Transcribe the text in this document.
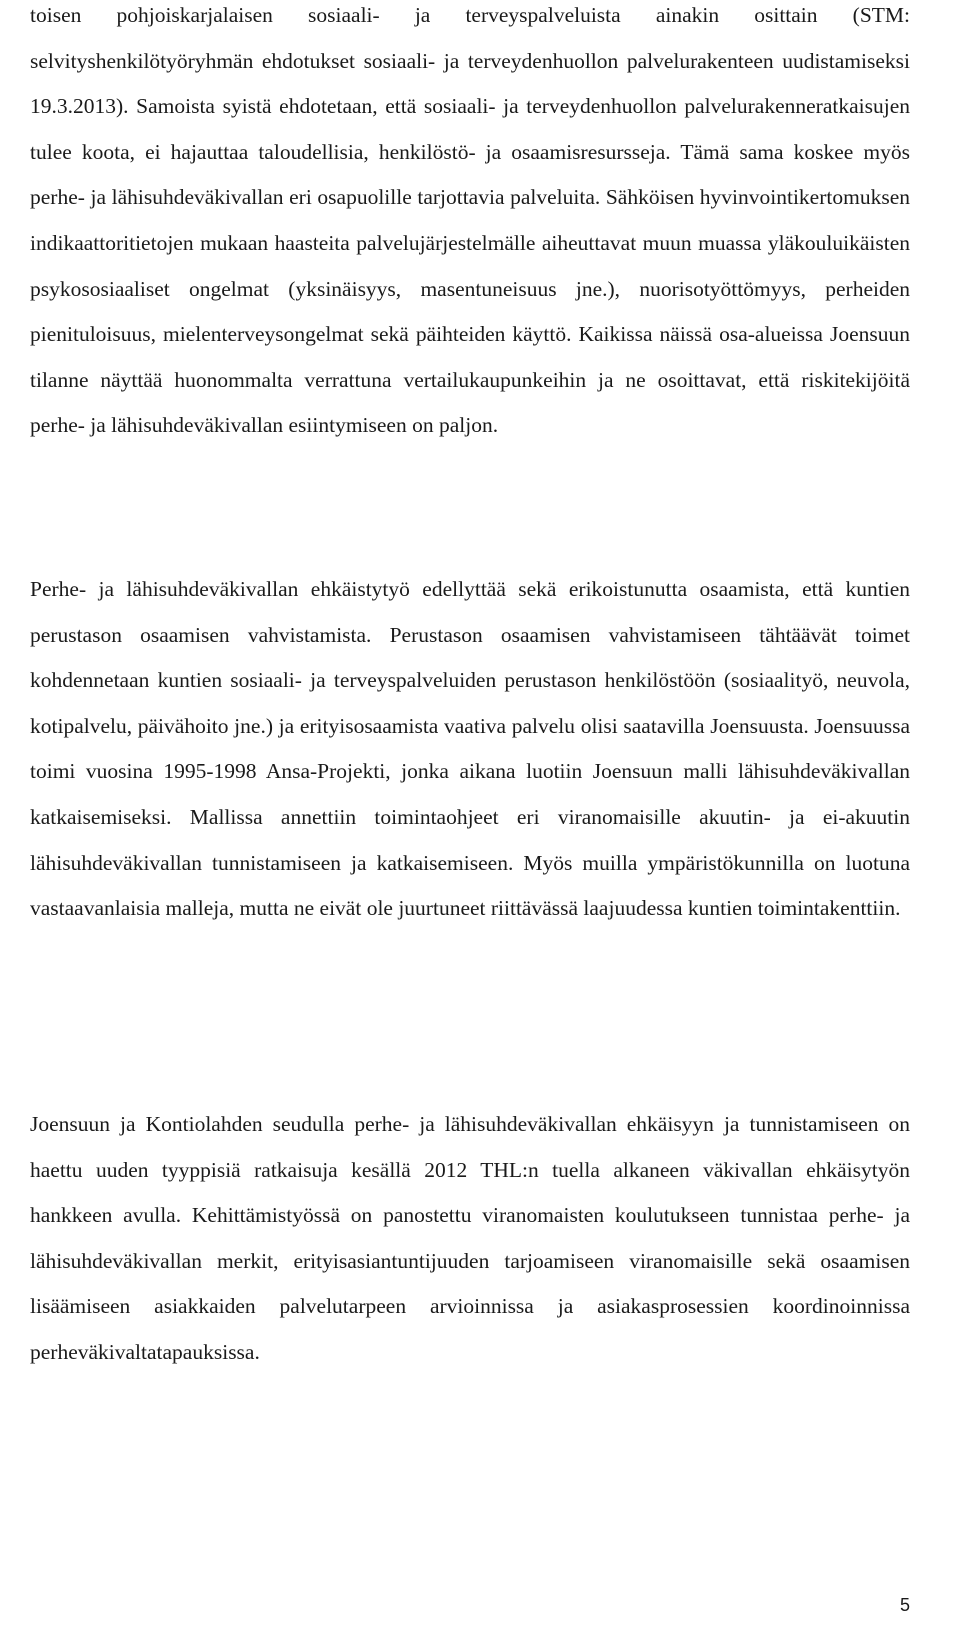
toisen pohjoiskarjalaisen sosiaali- ja terveyspalveluista ainakin osittain (STM: selvityshenkilötyöryhmän ehdotukset sosiaali- ja terveydenhuollon palvelurakenteen uudistamiseksi 19.3.2013). Samoista syistä ehdotetaan, että sosiaali- ja terveydenhuollon palvelurakenneratkaisujen tulee koota, ei hajauttaa taloudellisia, henkilöstö- ja osaamisresursseja. Tämä sama koskee myös perhe- ja lähisuhdeväkivallan eri osapuolille tarjottavia palveluita. Sähköisen hyvinvointikertomuksen indikaattoritietojen mukaan haasteita palvelujärjestelmälle aiheuttavat muun muassa yläkouluikäisten psykososiaaliset ongelmat (yksinäisyys, masentuneisuus jne.), nuorisotyöttömyys, perheiden pienituloisuus, mielenterveysongelmat sekä päihteiden käyttö. Kaikissa näissä osa-alueissa Joensuun tilanne näyttää huonommalta verrattuna vertailukaupunkeihin ja ne osoittavat, että riskitekijöitä perhe- ja lähisuhdeväkivallan esiintymiseen on paljon.

Perhe- ja lähisuhdeväkivallan ehkäistytyö edellyttää sekä erikoistunutta osaamista, että kuntien perustason osaamisen vahvistamista. Perustason osaamisen vahvistamiseen tähtäävät toimet kohdennetaan kuntien sosiaali- ja terveyspalveluiden perustason henkilöstöön (sosiaalityö, neuvola, kotipalvelu, päivähoito jne.) ja erityisosaamista vaativa palvelu olisi saatavilla Joensuusta. Joensuussa toimi vuosina 1995-1998 Ansa-Projekti, jonka aikana luotiin Joensuun malli lähisuhdeväkivallan katkaisemiseksi. Mallissa annettiin toimintaohjeet eri viranomaisille akuutin- ja ei-akuutin lähisuhdeväkivallan tunnistamiseen ja katkaisemiseen. Myös muilla ympäristökunnilla on luotuna vastaavanlaisia malleja, mutta ne eivät ole juurtuneet riittävässä laajuudessa kuntien toimintakenttiin.

Joensuun ja Kontiolahden seudulla perhe- ja lähisuhdeväkivallan ehkäisyyn ja tunnistamiseen on haettu uuden tyyppisiä ratkaisuja kesällä 2012 THL:n tuella alkaneen väkivallan ehkäisytyön hankkeen avulla. Kehittämistyössä on panostettu viranomaisten koulutukseen tunnistaa perhe- ja lähisuhdeväkivallan merkit, erityisasiantuntijuuden tarjoamiseen viranomaisille sekä osaamisen lisäämiseen asiakkaiden palvelutarpeen arvioinnissa ja asiakasprosessien koordinoinnissa perheväkivaltatapauksissa.

5
